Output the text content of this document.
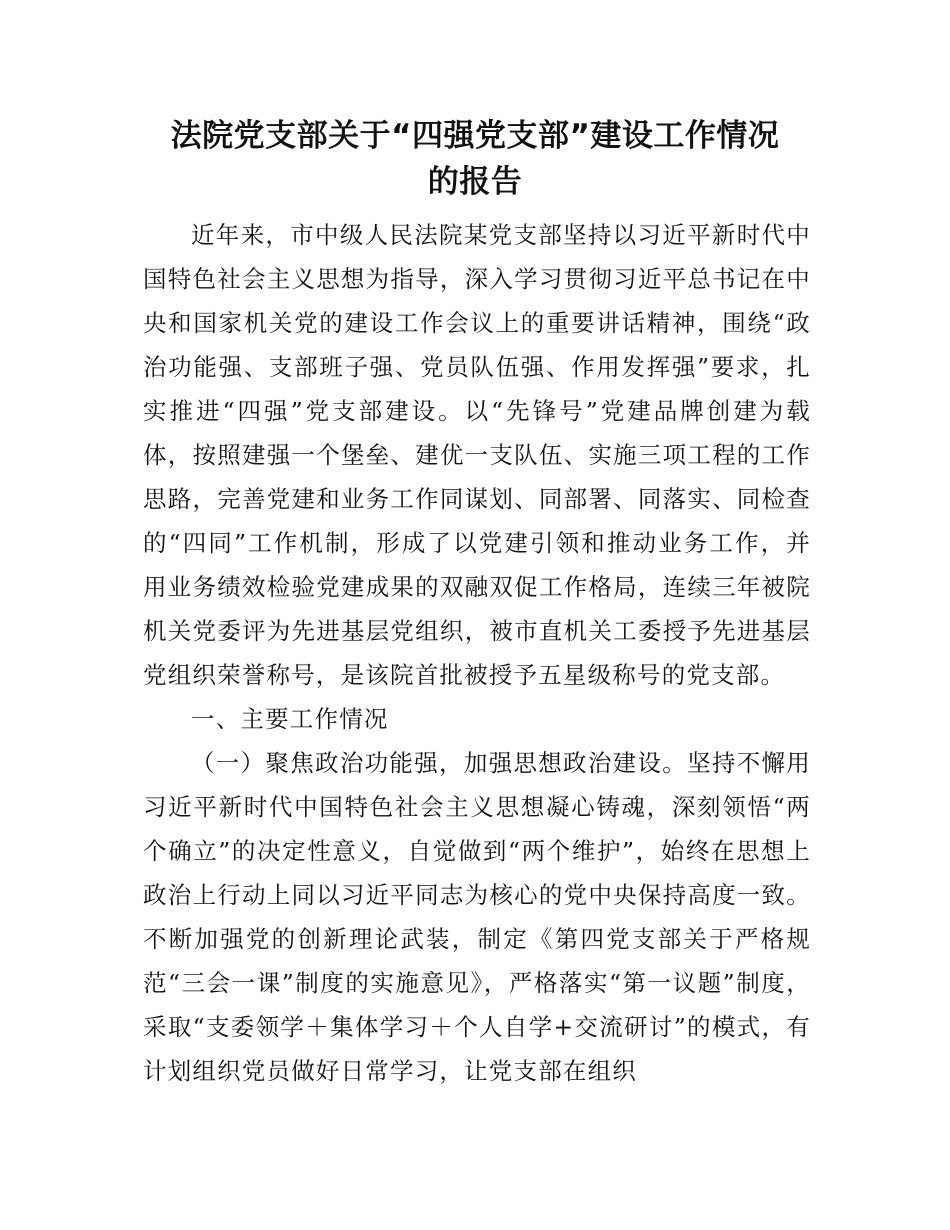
法院党支部关于“四强党支部”建设工作情况
的报告

近年来，市中级人民法院某党支部坚持以习近平新时代中国特色社会主义思想为指导，深入学习贯彻习近平总书记在中央和国家机关党的建设工作会议上的重要讲话精神，围绕“政治功能强、支部班子强、党员队伍强、作用发挥强”要求，扎实推进“四强”党支部建设。以“先锋号”党建品牌创建为载体，按照建强一个堡垒、建优一支队伍、实施三项工程的工作思路，完善党建和业务工作同谋划、同部署、同落实、同检查的“四同”工作机制，形成了以党建引领和推动业务工作，并用业务绩效检验党建成果的双融双促工作格局，连续三年被院机关党委评为先进基层党组织，被市直机关工委授予先进基层党组织荣誉称号，是该院首批被授予五星级称号的党支部。

一、主要工作情况

（一）聚焦政治功能强，加强思想政治建设。坚持不懈用习近平新时代中国特色社会主义思想凝心铸魂，深刻领悟“两个确立”的决定性意义，自觉做到“两个维护”，始终在思想上政治上行动上同以习近平同志为核心的党中央保持高度一致。不断加强党的创新理论武装，制定《第四党支部关于严格规范“三会一课”制度的实施意见》，严格落实“第一议题”制度，采取“支委领学＋集体学习＋个人自学+交流研讨”的模式，有计划组织党员做好日常学习，让党支部在组织
